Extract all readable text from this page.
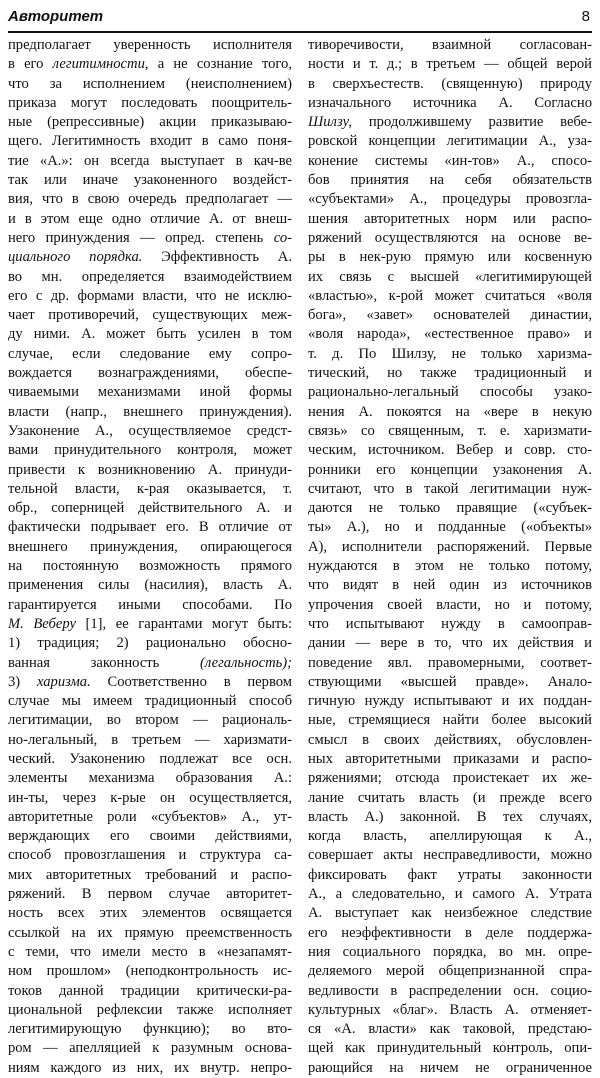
Авторитет	8
предполагает уверенность исполнителя
в его легитимности, а не сознание того,
что за исполнением (неисполнением)
приказа могут последовать поощритель-
ные (репрессивные) акции приказываю-
щего. Легитимность входит в само поня-
тие «А.»: он всегда выступает в кач-ве
так или иначе узаконенного воздейст-
вия, что в свою очередь предполагает —
и в этом еще одно отличие А. от внеш-
него принуждения — опред. степень со-
циального порядка. Эффективность А.
во мн. определяется взаимодействием
его с др. формами власти, что не исклю-
чает противоречий, существующих меж-
ду ними. А. может быть усилен в том
случае, если следование ему сопро-
вождается вознаграждениями, обеспе-
чиваемыми механизмами иной формы
власти (напр., внешнего принуждения).
Узаконение А., осуществляемое средст-
вами принудительного контроля, может
привести к возникновению А. принуди-
тельной власти, к-рая оказывается, т.
обр., соперницей действительного А. и
фактически подрывает его. В отличие от
внешнего принуждения, опирающегося
на постоянную возможность прямого
применения силы (насилия), власть А.
гарантируется иными способами. По
М. Веберу [1], ее гарантами могут быть:
1) традиция; 2) рационально обосно-
ванная законность (легальность);
3) харизма. Соответственно в первом
случае мы имеем традиционный способ
легитимации, во втором — рациональ-
но-легальный, в третьем — харизмати-
ческий. Узаконению подлежат все осн.
элементы механизма образования А.:
ин-ты, через к-рые он осуществляется,
авторитетные роли «субъектов» А., ут-
верждающих его своими действиями,
способ провозглашения и структура са-
мих авторитетных требований и распо-
ряжений. В первом случае авторитет-
ность всех этих элементов освящается
ссылкой на их прямую преемственность
с теми, что имели место в «незапамят-
ном прошлом» (неподконтрольность ис-
токов данной традиции критически-ра-
циональной рефлексии также исполняет
легитимирующую функцию); во вто-
ром — апелляцией к разумным основа-
ниям каждого из них, их внутр. непро-
тиворечивости, взаимной согласован-
ности и т. д.; в третьем — общей верой
в сверхъестеств. (священную) природу
изначального источника А. Согласно
Шилзу, продолжившему развитие вебе-
ровской концепции легитимации А., уза-
конение системы «ин-тов» А., спосо-
бов принятия на себя обязательств
«субъектами» А., процедуры провозгла-
шения авторитетных норм или распо-
ряжений осуществляются на основе ве-
ры в нек-рую прямую или косвенную
их связь с высшей «легитимирующей
«властью», к-рой может считаться «воля
бога», «завет» основателей династии,
«воля народа», «естественное право» и
т. д. По Шилзу, не только харизма-
тический, но также традиционный и
рационально-легальный способы узако-
нения А. покоятся на «вере в некую
связь» со священным, т. е. харизмати-
ческим, источником. Вебер и совр. сто-
ронники его концепции узаконения А.
считают, что в такой легитимации нуж-
даются не только правящие («субъек-
ты» А.), но и подданные («объекты»
А), исполнители распоряжений. Первые
нуждаются в этом не только потому,
что видят в ней один из источников
упрочения своей власти, но и потому,
что испытывают нужду в самооправ-
дании — вере в то, что их действия и
поведение явл. правомерными, соответ-
ствующими «высшей правде». Анало-
гичную нужду испытывают и их поддан-
ные, стремящиеся найти более высокий
смысл в своих действиях, обусловлен-
ных авторитетными приказами и распо-
ряжениями; отсюда проистекает их же-
лание считать власть (и прежде всего
власть А.) законной. В тех случаях,
когда власть, апеллирующая к А.,
совершает акты несправедливости, можно
фиксировать факт утраты законности
А., а следовательно, и самого А. Утрата
А. выступает как неизбежное следствие
его неэффективности в деле поддержа-
ния социального порядка, во мн. опре-
деляемого мерой общепризнанной спра-
ведливости в распределении осн. социо-
культурных «благ». Власть А. отменяет-
ся «А. власти» как таковой, предстаю-
щей как принудительный контроль, опи-
рающийся на ничем не ограниченное
